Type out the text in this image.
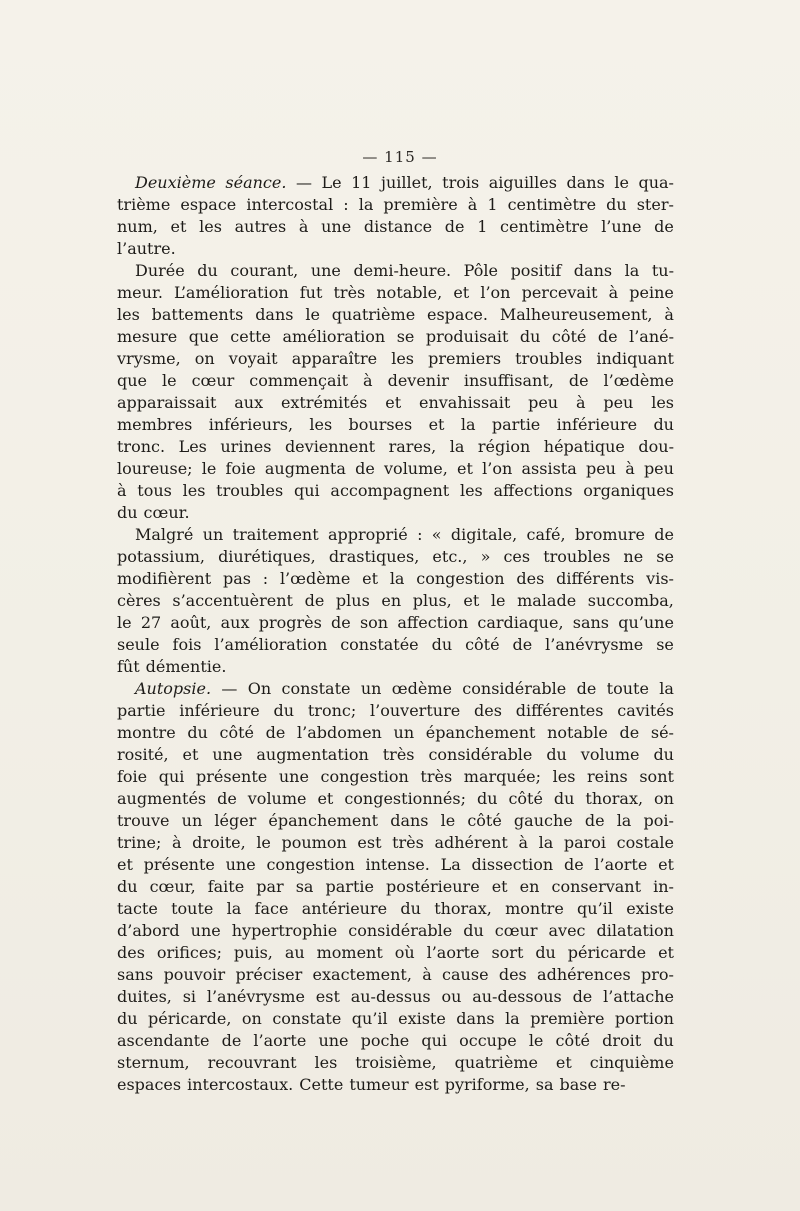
— 115 —
Deuxième séance. — Le 11 juillet, trois aiguilles dans le qua-
trième espace intercostal : la première à 1 centimètre du ster-
num, et les autres à une distance de 1 centimètre l’une de
l’autre.
Durée du courant, une demi-heure. Pôle positif dans la tu-
meur. L’amélioration fut très notable, et l’on percevait à peine
les battements dans le quatrième espace. Malheureusement, à
mesure que cette amélioration se produisait du côté de l’ané-
vrysme, on voyait apparaître les premiers troubles indiquant
que le cœur commençait à devenir insuffisant, de l’œdème
apparaissait aux extrémités et envahissait peu à peu les
membres inférieurs, les bourses et la partie inférieure du
tronc. Les urines deviennent rares, la région hépatique dou-
loureuse; le foie augmenta de volume, et l’on assista peu à peu
à tous les troubles qui accompagnent les affections organiques
du cœur.
Malgré un traitement approprié : « digitale, café, bromure de
potassium, diurétiques, drastiques, etc., » ces troubles ne se
modifièrent pas : l’œdème et la congestion des différents vis-
cères s’accentuèrent de plus en plus, et le malade succomba,
le 27 août, aux progrès de son affection cardiaque, sans qu’une
seule fois l’amélioration constatée du côté de l’anévrysme se
fût démentie.
Autopsie. — On constate un œdème considérable de toute la
partie inférieure du tronc; l’ouverture des différentes cavités
montre du côté de l’abdomen un épanchement notable de sé-
rosité, et une augmentation très considérable du volume du
foie qui présente une congestion très marquée; les reins sont
augmentés de volume et congestionnés; du côté du thorax, on
trouve un léger épanchement dans le côté gauche de la poi-
trine; à droite, le poumon est très adhérent à la paroi costale
et présente une congestion intense. La dissection de l’aorte et
du cœur, faite par sa partie postérieure et en conservant in-
tacte toute la face antérieure du thorax, montre qu’il existe
d’abord une hypertrophie considérable du cœur avec dilatation
des orifices; puis, au moment où l’aorte sort du péricarde et
sans pouvoir préciser exactement, à cause des adhérences pro-
duites, si l’anévrysme est au-dessus ou au-dessous de l’attache
du péricarde, on constate qu’il existe dans la première portion
ascendante de l’aorte une poche qui occupe le côté droit du
sternum, recouvrant les troisième, quatrième et cinquième
espaces intercostaux. Cette tumeur est pyriforme, sa base re-
